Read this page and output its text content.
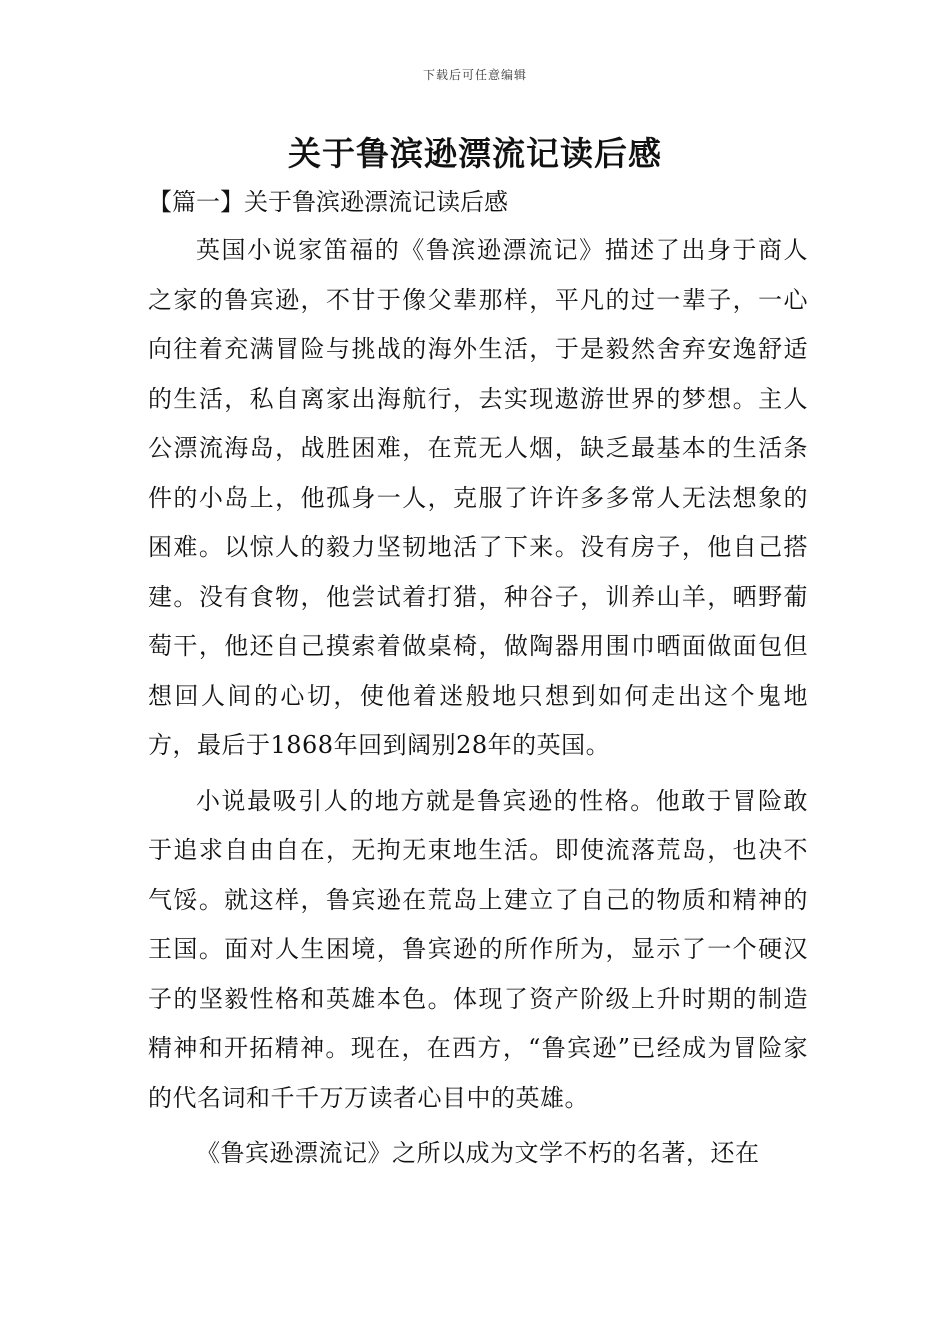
下载后可任意编辑
关于鲁滨逊漂流记读后感
【篇一】关于鲁滨逊漂流记读后感

英国小说家笛福的《鲁滨逊漂流记》描述了出身于商人之家的鲁宾逊，不甘于像父辈那样，平凡的过一辈子，一心向往着充满冒险与挑战的海外生活，于是毅然舍弃安逸舒适的生活，私自离家出海航行，去实现遨游世界的梦想。主人公漂流海岛，战胜困难，在荒无人烟，缺乏最基本的生活条件的小岛上，他孤身一人，克服了许许多多常人无法想象的困难。以惊人的毅力坚韧地活了下来。没有房子，他自己搭建。没有食物，他尝试着打猎，种谷子，训养山羊，晒野葡萄干，他还自己摸索着做桌椅，做陶器用围巾晒面做面包但想回人间的心切，使他着迷般地只想到如何走出这个鬼地方，最后于1868年回到阔别28年的英国。

小说最吸引人的地方就是鲁宾逊的性格。他敢于冒险敢于追求自由自在，无拘无束地生活。即使流落荒岛，也决不气馁。就这样，鲁宾逊在荒岛上建立了自己的物质和精神的王国。面对人生困境，鲁宾逊的所作所为，显示了一个硬汉子的坚毅性格和英雄本色。体现了资产阶级上升时期的制造精神和开拓精神。现在，在西方，“鲁宾逊”已经成为冒险家的代名词和千千万万读者心目中的英雄。

《鲁宾逊漂流记》之所以成为文学不朽的名著，还在
